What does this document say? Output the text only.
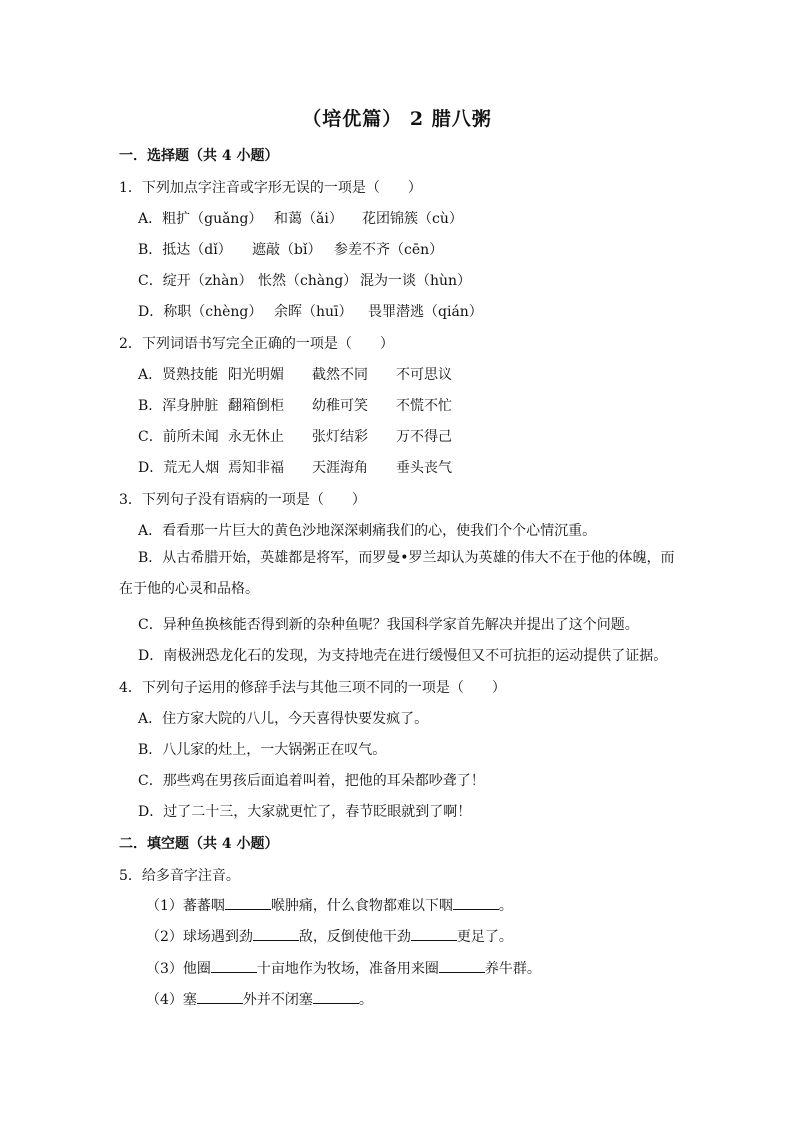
（培优篇） 2 腊八粥
一．选择题（共 4 小题）
1．下列加点字注音或字形无误的一项是（　　）
A．粗扩（guǎng） 和蔼（ǎi） 花团锦簇（cù）
B．抵达（dǐ） 遮敲（bǐ） 参差不齐（cēn）
C．绽开（zhàn） 怅然（chàng） 混为一谈（hùn）
D．称职（chèng） 余晖（huī） 畏罪潜逃（qián）
2．下列词语书写完全正确的一项是（　　）
A．贤熟技能 阳光明媚 截然不同 不可思议
B．浑身肿脏 翻箱倒柜 幼稚可笑 不慌不忙
C．前所未闻 永无休止 张灯结彩 万不得己
D．荒无人烟 焉知非福 天涯海角 垂头丧气
3．下列句子没有语病的一项是（　　）
A．看看那一片巨大的黄色沙地深深刺痛我们的心，使我们个个心情沉重。
B．从古希腊开始，英雄都是将军，而罗曼•罗兰却认为英雄的伟大不在于他的体魄，而在于他的心灵和品格。
C．异种鱼换核能否得到新的杂种鱼呢？我国科学家首先解决并提出了这个问题。
D．南极洲恐龙化石的发现，为支持地壳在进行缓慢但又不可抗拒的运动提供了证据。
4．下列句子运用的修辞手法与其他三项不同的一项是（　　）
A．住方家大院的八儿，今天喜得快要发疯了。
B．八儿家的灶上，一大锅粥正在叹气。
C．那些鸡在男孩后面追着叫着，把他的耳朵都吵聋了！
D．过了二十三，大家就更忙了，春节眨眼就到了啊！
二．填空题（共 4 小题）
5．给多音字注音。
（1）蕃蕃咽	喉肿痛，什么食物都难以下咽	。
（2）球场遇到劲	敌，反倒使他干劲	更足了。
（3）他圈	十亩地作为牧场，准备用来圈	养牛群。
（4）塞	外并不闭塞	。
